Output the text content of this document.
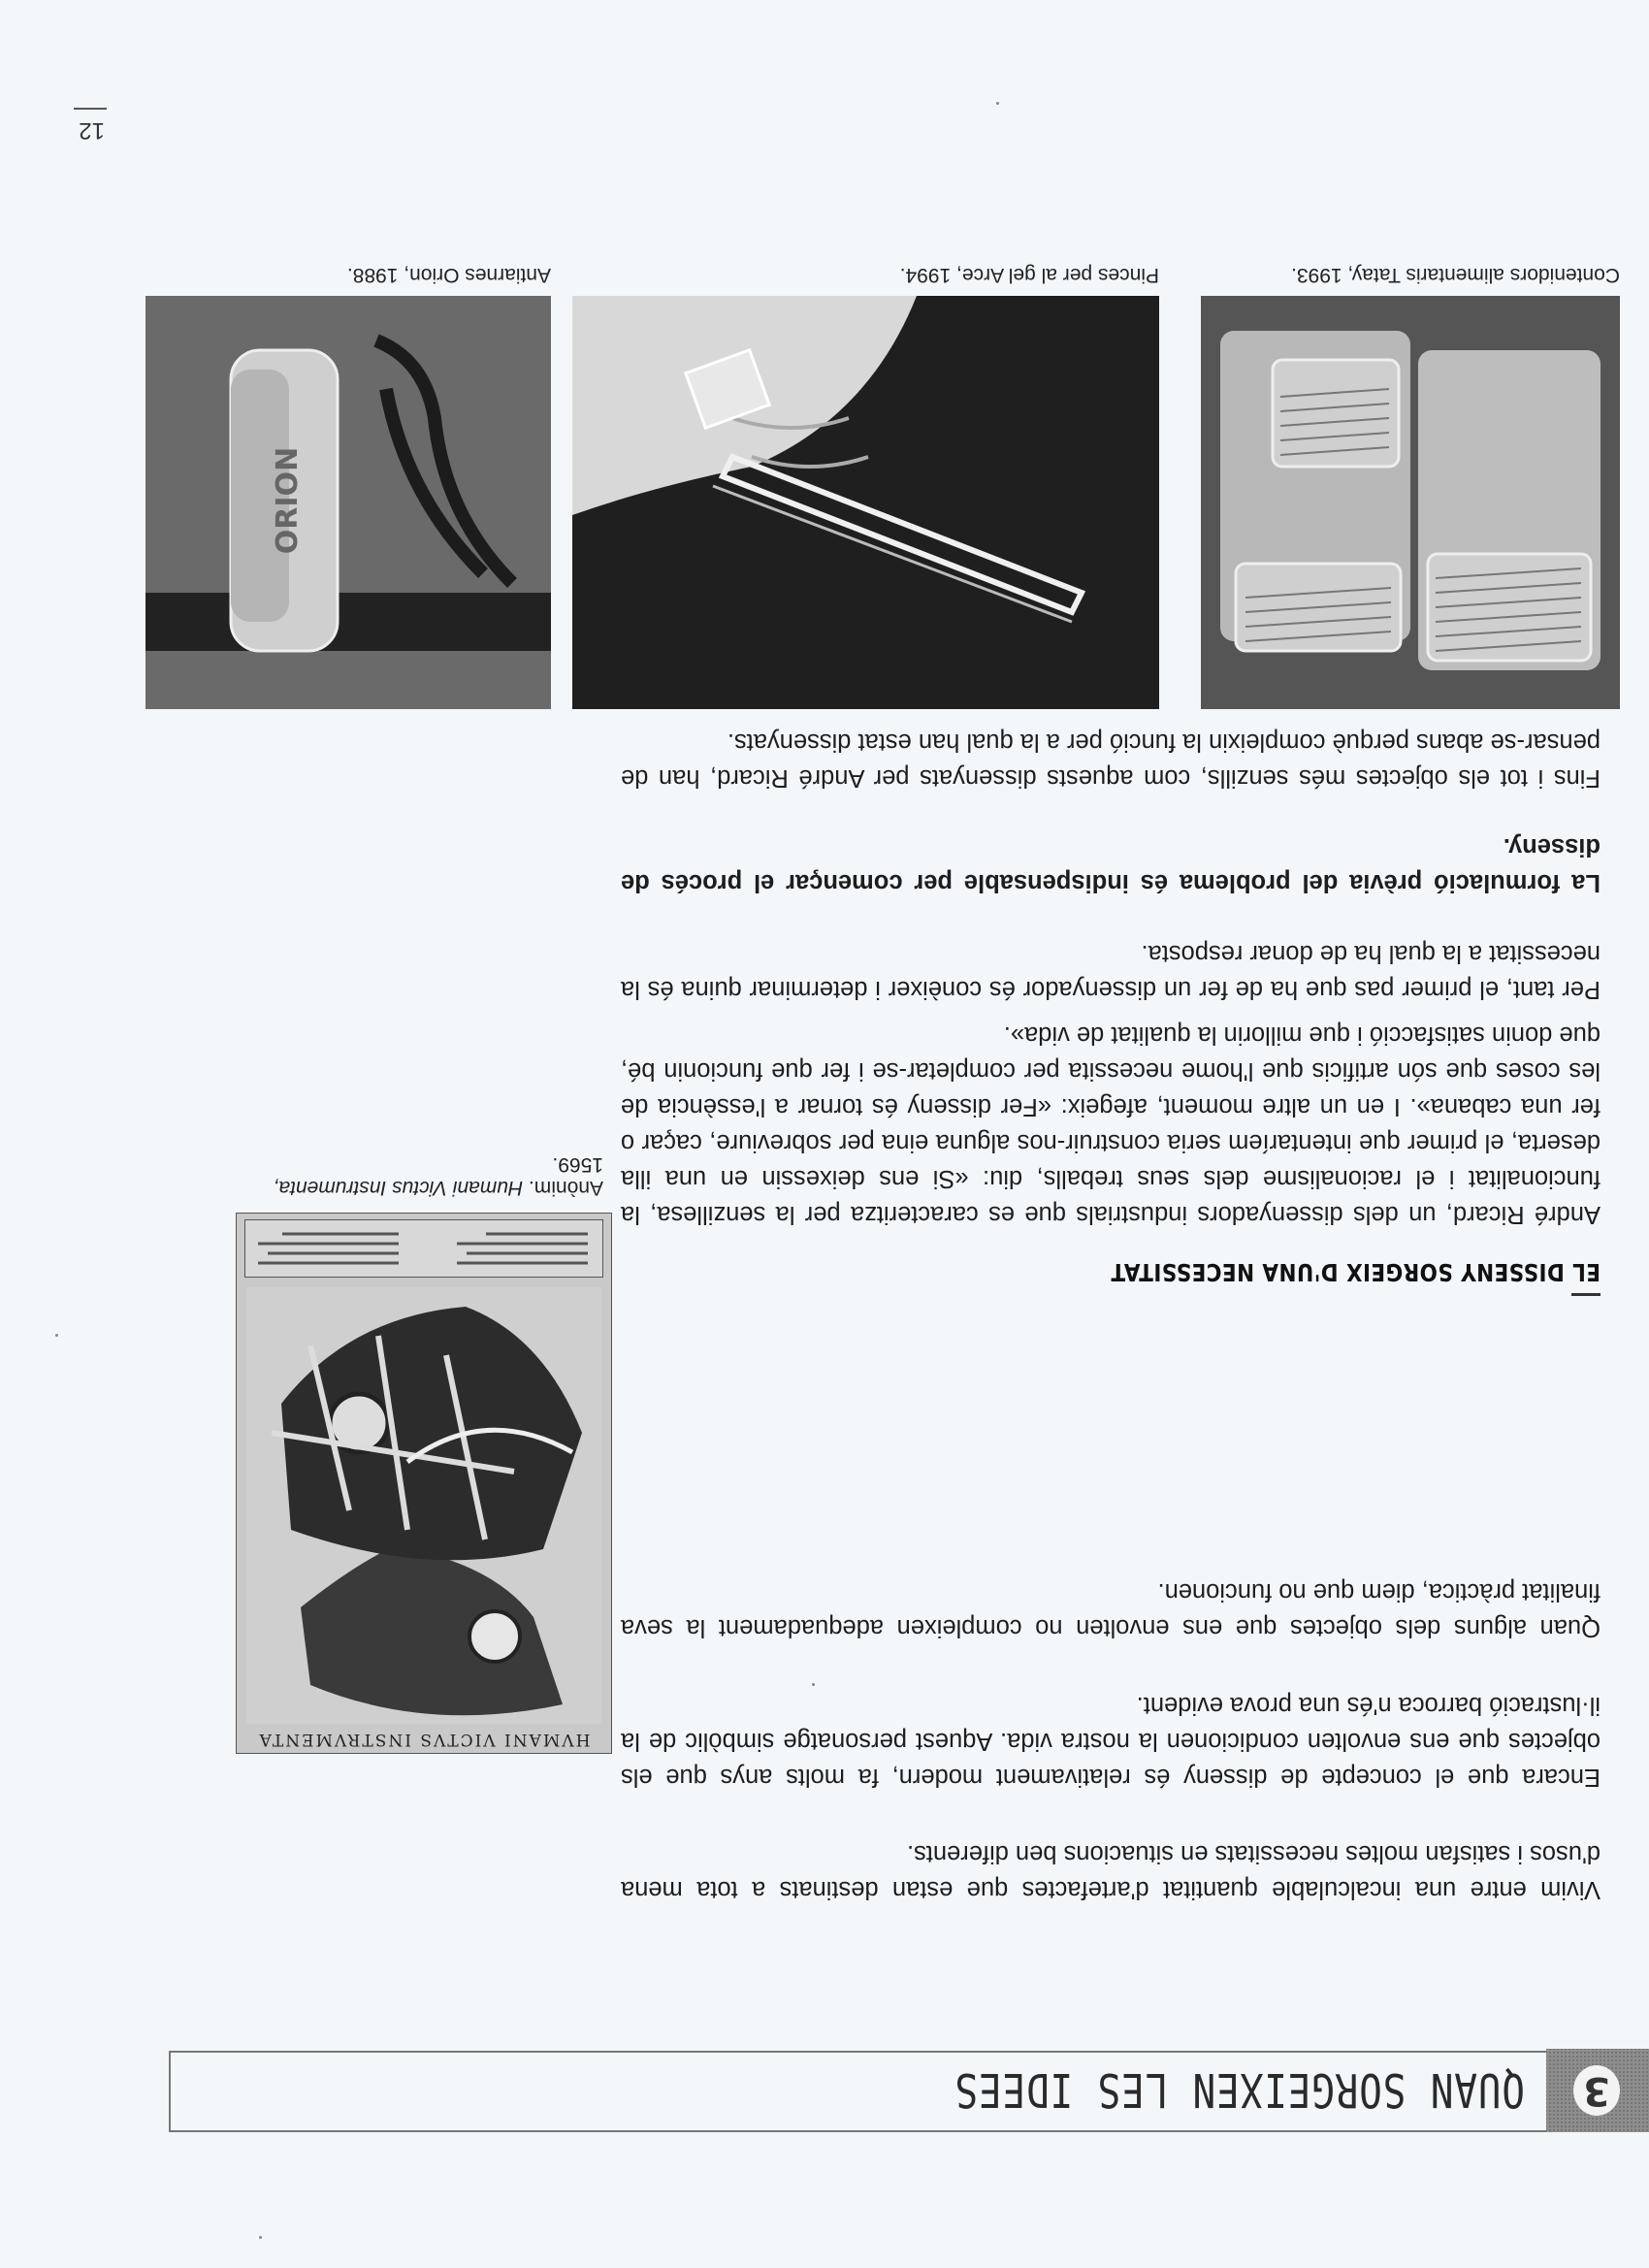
3
QUAN SORGEIXEN LES IDEES
Vivim entre una incalculable quantitat d'artefactes que estan destinats a tota mena d'usos i satisfan moltes necessitats en situacions ben diferents.
Encara que el concepte de disseny és relativament modern, fa molts anys que els objectes que ens envolten condicionen la nostra vida. Aquest personatge simbòlic de la il·lustració barroca n'és una prova evident.
Quan alguns dels objectes que ens envolten no compleixen adequadament la seva finalitat pràctica, diem que no funcionen.
EL DISSENY SORGEIX D'UNA NECESSITAT
André Ricard, un dels dissenyadors industrials que es caracteritza per la senzillesa, la funcionalitat i el racionalisme dels seus treballs, diu: «Si ens deixessin en una illa deserta, el primer que intentaríem seria construir-nos alguna eina per sobreviure, caçar o fer una cabana». I en un altre moment, afegeix: «Fer disseny és tornar a l'essència de les coses que són artificis que l'home necessita per completar-se i fer que funcionin bé, que donin satisfacció i que millorin la qualitat de vida».
Per tant, el primer pas que ha de fer un dissenyador és conèixer i determinar quina és la necessitat a la qual ha de donar resposta.
La formulació prèvia del problema és indispensable per començar el procés de disseny.
Fins i tot els objectes més senzills, com aquests dissenyats per André Ricard, han de pensar-se abans perquè compleixin la funció per a la qual han estat dissenyats.
HVMANI VICTVS INSTRVMENTA
Anònim. Humani Victus Instrumenta,
1569.
ORION
Contenidors alimentaris Tatay, 1993.
Pinces per al gel Arce, 1994.
Antiarnes Orion, 1988.
12
